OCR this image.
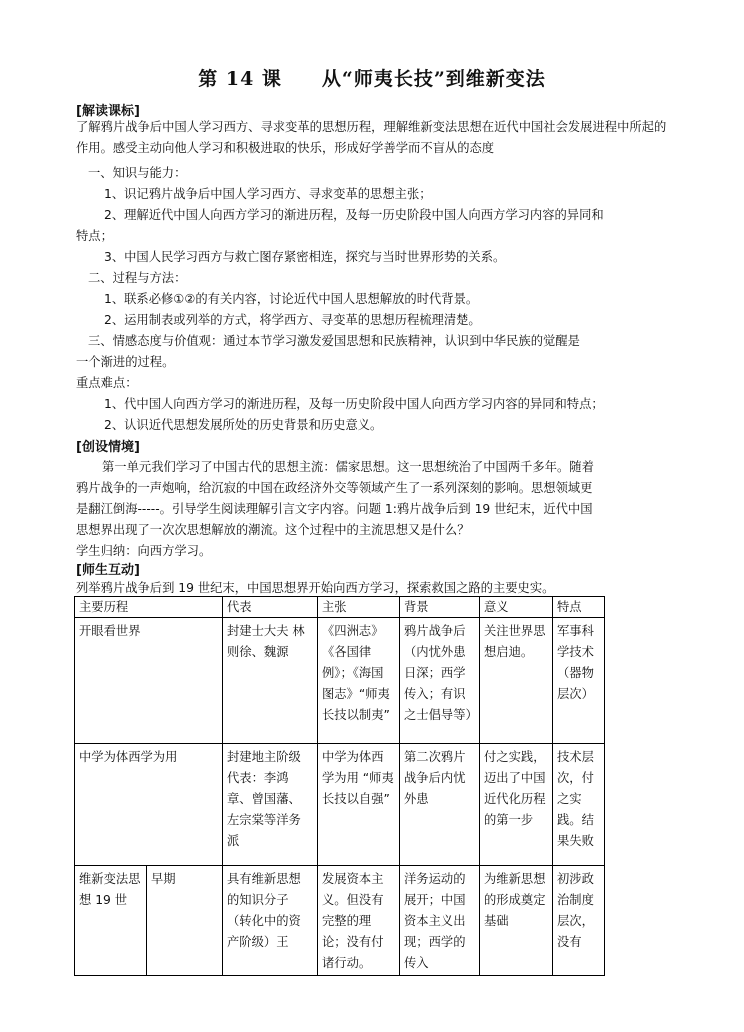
第 14 课　　从“师夷长技”到维新变法
[解读课标]

了解鸦片战争后中国人学习西方、寻求变革的思想历程，理解维新变法思想在近代中国社会发展进程中所起的作用。感受主动向他人学习和积极进取的快乐，形成好学善学而不盲从的态度

一、知识与能力：
1、识记鸦片战争后中国人学习西方、寻求变革的思想主张；
2、理解近代中国人向西方学习的渐进历程，及每一历史阶段中国人向西方学习内容的异同和
特点；
3、中国人民学习西方与救亡图存紧密相连，探究与当时世界形势的关系。
二、过程与方法：
1、联系必修①②的有关内容，讨论近代中国人思想解放的时代背景。
2、运用制表或列举的方式，将学西方、寻变革的思想历程梳理清楚。
三、情感态度与价值观：通过本节学习激发爱国思想和民族精神，认识到中华民族的觉醒是
一个渐进的过程。
重点难点：
1、代中国人向西方学习的渐进历程，及每一历史阶段中国人向西方学习内容的异同和特点；
2、认识近代思想发展所处的历史背景和历史意义。
[创设情境]
第一单元我们学习了中国古代的思想主流：儒家思想。这一思想统治了中国两千多年。随着
鸦片战争的一声炮响，给沉寂的中国在政经济外交等领域产生了一系列深刻的影响。思想领域更
是翻江倒海-----。引导学生阅读理解引言文字内容。问题 1:鸦片战争后到 19 世纪末，近代中国
思想界出现了一次次思想解放的潮流。这个过程中的主流思想又是什么？
学生归纳：向西方学习。
[师生互动]
列举鸦片战争后到 19 世纪末，中国思想界开始向西方学习，探索救国之路的主要史实。
主要历程		代表	主张	背景	意义	特点
开眼看世界		封建士大夫 林则徐、魏源	《四洲志》《各国律例》；《海国图志》“师夷长技以制夷”	鸦片战争后（内忧外患日深；西学传入；有识之士倡导等）	关注世界思想启迪。	军事科学技术（器物层次）
中学为体西学为用		封建地主阶级代表：李鸿章、曾国藩、左宗棠等洋务派	中学为体西学为用 “师夷长技以自强”	第二次鸦片战争后内忧外患	付之实践，迈出了中国近代化历程的第一步	技术层次，付之实践。结果失败
维新变法思想 19 世	早期	具有维新思想的知识分子（转化中的资产阶级）王	发展资本主义。但没有完整的理论；没有付诸行动。	洋务运动的展开；中国资本主义出现；西学的传入	为维新思想的形成奠定基础	初涉政治制度层次，没有
